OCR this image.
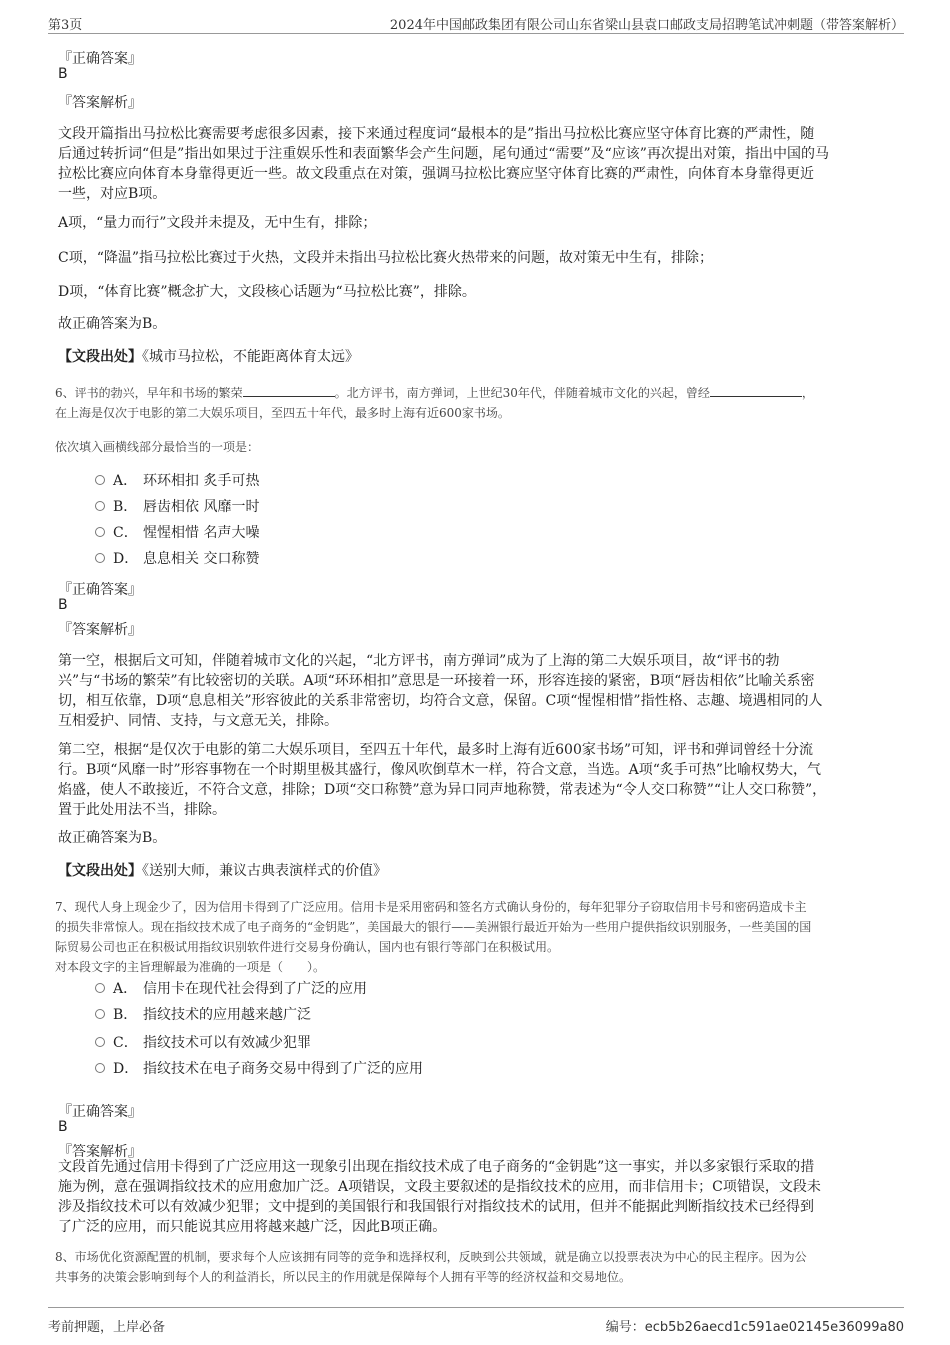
第3页	2024年中国邮政集团有限公司山东省梁山县袁口邮政支局招聘笔试冲刺题（带答案解析）
『正确答案』
B
『答案解析』
文段开篇指出马拉松比赛需要考虑很多因素，接下来通过程度词“最根本的是”指出马拉松比赛应坚守体育比赛的严肃性，随
后通过转折词“但是”指出如果过于注重娱乐性和表面繁华会产生问题，尾句通过“需要”及“应该”再次提出对策，指出中国的马
拉松比赛应向体育本身靠得更近一些。故文段重点在对策，强调马拉松比赛应坚守体育比赛的严肃性，向体育本身靠得更近
一些，对应B项。
A项，“量力而行”文段并未提及，无中生有，排除；
C项，“降温”指马拉松比赛过于火热，文段并未指出马拉松比赛火热带来的问题，故对策无中生有，排除；
D项，“体育比赛”概念扩大，文段核心话题为“马拉松比赛”，排除。
故正确答案为B。
【文段出处】《城市马拉松，不能距离体育太远》
6、评书的勃兴，早年和书场的繁荣	。北方评书，南方弹词，上世纪30年代，伴随着城市文化的兴起，曾经	，
在上海是仅次于电影的第二大娱乐项目，至四五十年代，最多时上海有近600家书场。
依次填入画横线部分最恰当的一项是：
A． 环环相扣 炙手可热
B． 唇齿相依 风靡一时
C． 惺惺相惜 名声大噪
D． 息息相关 交口称赞
『正确答案』
B
『答案解析』
第一空，根据后文可知，伴随着城市文化的兴起，“北方评书，南方弹词”成为了上海的第二大娱乐项目，故“评书的勃
兴”与“书场的繁荣”有比较密切的关联。A项“环环相扣”意思是一环接着一环，形容连接的紧密，B项“唇齿相依”比喻关系密
切，相互依靠，D项“息息相关”形容彼此的关系非常密切，均符合文意，保留。C项“惺惺相惜”指性格、志趣、境遇相同的人
互相爱护、同情、支持，与文意无关，排除。
第二空，根据“是仅次于电影的第二大娱乐项目，至四五十年代，最多时上海有近600家书场”可知，评书和弹词曾经十分流
行。B项“风靡一时”形容事物在一个时期里极其盛行，像风吹倒草木一样，符合文意，当选。A项“炙手可热”比喻权势大，气
焰盛，使人不敢接近，不符合文意，排除；D项“交口称赞”意为异口同声地称赞，常表述为“令人交口称赞”“让人交口称赞”，
置于此处用法不当，排除。
故正确答案为B。
【文段出处】《送别大师，兼议古典表演样式的价值》
7、现代人身上现金少了，因为信用卡得到了广泛应用。信用卡是采用密码和签名方式确认身份的，每年犯罪分子窃取信用卡号和密码造成卡主
的损失非常惊人。现在指纹技术成了电子商务的“金钥匙”，美国最大的银行——美洲银行最近开始为一些用户提供指纹识别服务，一些美国的国
际贸易公司也正在积极试用指纹识别软件进行交易身份确认，国内也有银行等部门在积极试用。
对本段文字的主旨理解最为准确的一项是（　　）。
A． 信用卡在现代社会得到了广泛的应用
B． 指纹技术的应用越来越广泛
C． 指纹技术可以有效减少犯罪
D． 指纹技术在电子商务交易中得到了广泛的应用
『正确答案』
B
『答案解析』
文段首先通过信用卡得到了广泛应用这一现象引出现在指纹技术成了电子商务的“金钥匙”这一事实，并以多家银行采取的措
施为例，意在强调指纹技术的应用愈加广泛。A项错误，文段主要叙述的是指纹技术的应用，而非信用卡；C项错误，文段未
涉及指纹技术可以有效减少犯罪；文中提到的美国银行和我国银行对指纹技术的试用，但并不能据此判断指纹技术已经得到
了广泛的应用，而只能说其应用将越来越广泛，因此B项正确。
8、市场优化资源配置的机制，要求每个人应该拥有同等的竞争和选择权利，反映到公共领域，就是确立以投票表决为中心的民主程序。因为公
共事务的决策会影响到每个人的利益消长，所以民主的作用就是保障每个人拥有平等的经济权益和交易地位。
考前押题，上岸必备	编号：ecb5b26aecd1c591ae02145e36099a80
